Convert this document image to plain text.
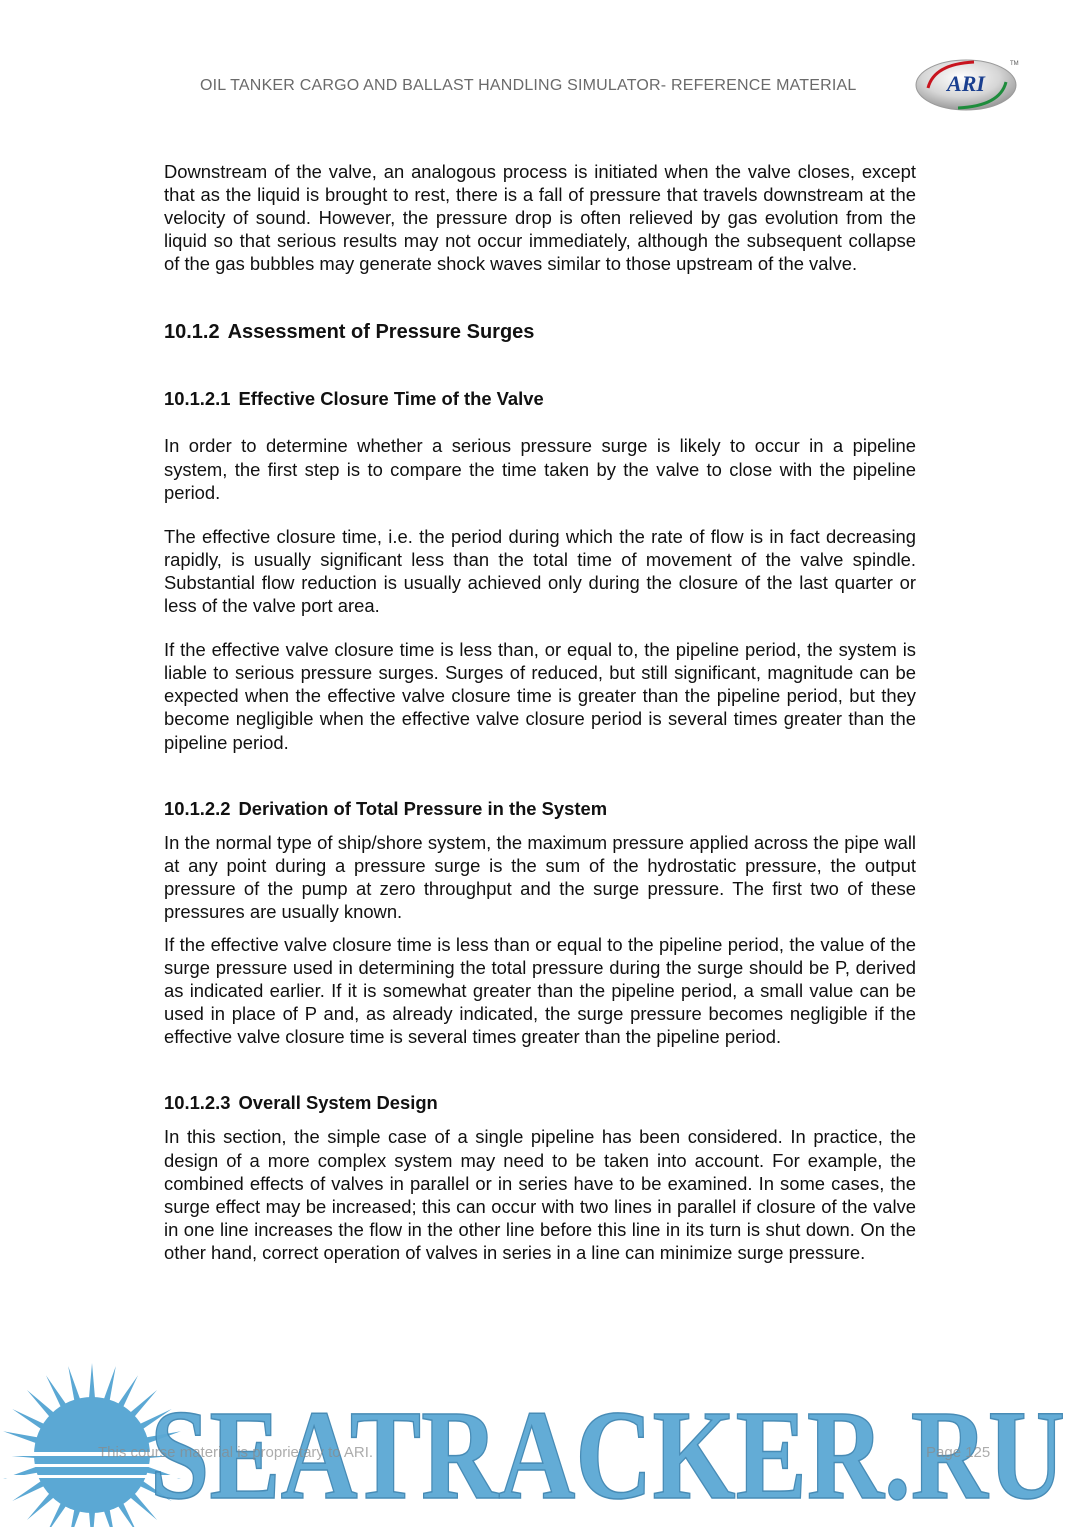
OIL TANKER CARGO AND BALLAST HANDLING SIMULATOR- REFERENCE MATERIAL	ARI
TM

Downstream of the valve, an analogous process is initiated when the valve closes, except that as the liquid is brought to rest, there is a fall of pressure that travels downstream at the velocity of sound. However, the pressure drop is often relieved by gas evolution from the liquid so that serious results may not occur immediately, although the subsequent collapse of the gas bubbles may generate shock waves similar to those upstream of the valve.

10.1.2 Assessment of Pressure Surges
10.1.2.1 Effective Closure Time of the Valve

In order to determine whether a serious pressure surge is likely to occur in a pipeline system, the first step is to compare the time taken by the valve to close with the pipeline period.

The effective closure time, i.e. the period during which the rate of flow is in fact decreasing rapidly, is usually significant less than the total time of movement of the valve spindle. Substantial flow reduction is usually achieved only during the closure of the last quarter or less of the valve port area.

If the effective valve closure time is less than, or equal to, the pipeline period, the system is liable to serious pressure surges. Surges of reduced, but still significant, magnitude can be expected when the effective valve closure time is greater than the pipeline period, but they become negligible when the effective valve closure period is several times greater than the pipeline period.

10.1.2.2 Derivation of Total Pressure in the System

In the normal type of ship/shore system, the maximum pressure applied across the pipe wall at any point during a pressure surge is the sum of the hydrostatic pressure, the output pressure of the pump at zero throughput and the surge pressure. The first two of these pressures are usually known.

If the effective valve closure time is less than or equal to the pipeline period, the value of the surge pressure used in determining the total pressure during the surge should be P, derived as indicated earlier. If it is somewhat greater than the pipeline period, a small value can be used in place of P and, as already indicated, the surge pressure becomes negligible if the effective valve closure time is several times greater than the pipeline period.

10.1.2.3 Overall System Design

In this section, the simple case of a single pipeline has been considered. In practice, the design of a more complex system may need to be taken into account. For example, the combined effects of valves in parallel or in series have to be examined. In some cases, the surge effect may be increased; this can occur with two lines in parallel if closure of the valve in one line increases the flow in the other line before this line in its turn is shut down. On the other hand, correct operation of valves in series in a line can minimize surge pressure.

SEATRACKER.RU
This course material is proprietary to ARI.	Page 125
